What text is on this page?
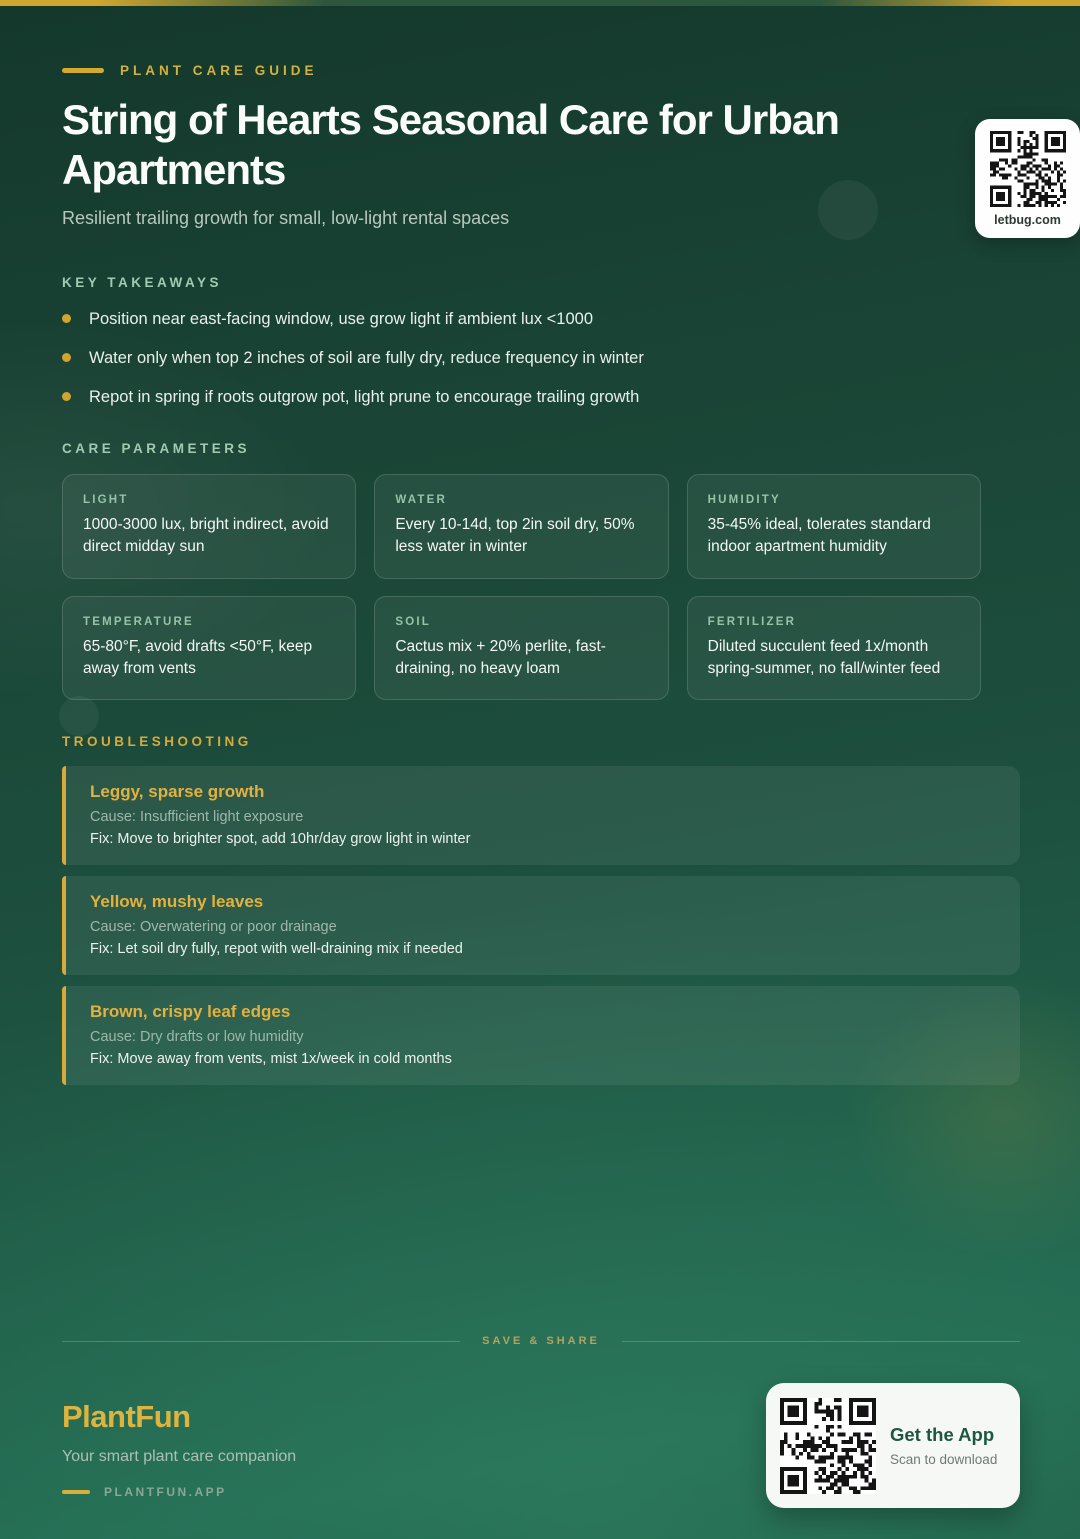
PLANT CARE GUIDE
String of Hearts Seasonal Care for Urban Apartments
Resilient trailing growth for small, low-light rental spaces	letbug.com
KEY TAKEAWAYS
Position near east-facing window, use grow light if ambient lux <1000
Water only when top 2 inches of soil are fully dry, reduce frequency in winter
Repot in spring if roots outgrow pot, light prune to encourage trailing growth
CARE PARAMETERS
LIGHT
1000-3000 lux, bright indirect, avoid direct midday sun
WATER
Every 10-14d, top 2in soil dry, 50% less water in winter
HUMIDITY
35-45% ideal, tolerates standard indoor apartment humidity
TEMPERATURE
65-80°F, avoid drafts <50°F, keep away from vents
SOIL
Cactus mix + 20% perlite, fast-draining, no heavy loam
FERTILIZER
Diluted succulent feed 1x/month spring-summer, no fall/winter feed
TROUBLESHOOTING
Leggy, sparse growth
Cause: Insufficient light exposure
Fix: Move to brighter spot, add 10hr/day grow light in winter
Yellow, mushy leaves
Cause: Overwatering or poor drainage
Fix: Let soil dry fully, repot with well-draining mix if needed
Brown, crispy leaf edges
Cause: Dry drafts or low humidity
Fix: Move away from vents, mist 1x/week in cold months
SAVE & SHARE
PlantFun
Your smart plant care companion
PLANTFUN.APP
Get the App
Scan to download
